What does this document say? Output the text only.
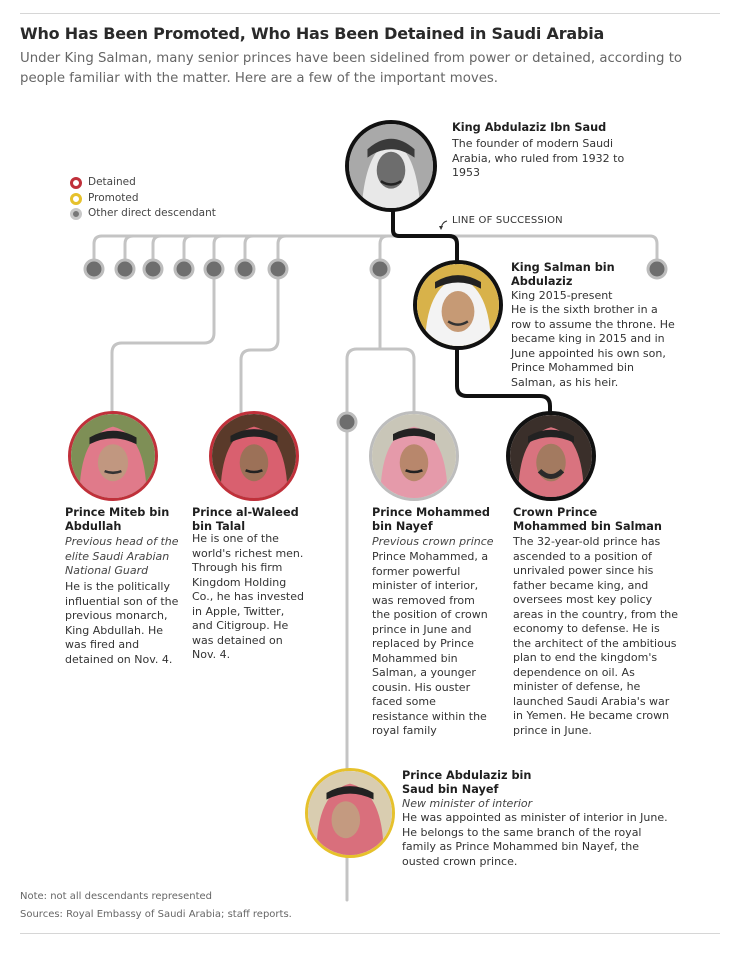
Who Has Been Promoted, Who Has Been Detained in Saudi Arabia
Under King Salman, many senior princes have been sidelined from power or detained, according to people familiar with the matter. Here are a few of the important moves.
Detained
Promoted
Other direct descendant
LINE OF SUCCESSION
King Abdulaziz Ibn Saud
The founder of modern Saudi Arabia, who ruled from 1932 to 1953
King Salman bin Abdulaziz
King 2015-present
He is the sixth brother in a row to assume the throne. He became king in 2015 and in June appointed his own son, Prince Mohammed bin Salman, as his heir.
Prince Miteb bin Abdullah
Previous head of the elite Saudi Arabian National Guard
He is the politically influential son of the previous monarch, King Abdullah. He was fired and detained on Nov. 4.
Prince al-Waleed bin Talal
He is one of the world's richest men. Through his firm Kingdom Holding Co., he has invested in Apple, Twitter, and Citigroup. He was detained on Nov. 4.
Prince Mohammed bin Nayef
Previous crown prince
Prince Mohammed, a former powerful minister of interior, was removed from the position of crown prince in June and replaced by Prince Mohammed bin Salman, a younger cousin. His ouster faced some resistance within the royal family
Crown Prince Mohammed bin Salman
The 32-year-old prince has ascended to a position of unrivaled power since his father became king, and oversees most key policy areas in the country, from the economy to defense. He is the architect of the ambitious plan to end the kingdom's dependence on oil. As minister of defense, he launched Saudi Arabia's war in Yemen. He became crown prince in June.
Prince Abdulaziz bin Saud bin Nayef
New minister of interior
He was appointed as minister of interior in June. He belongs to the same branch of the royal family as Prince Mohammed bin Nayef, the ousted crown prince.
Note: not all descendants represented
Sources: Royal Embassy of Saudi Arabia; staff reports.
